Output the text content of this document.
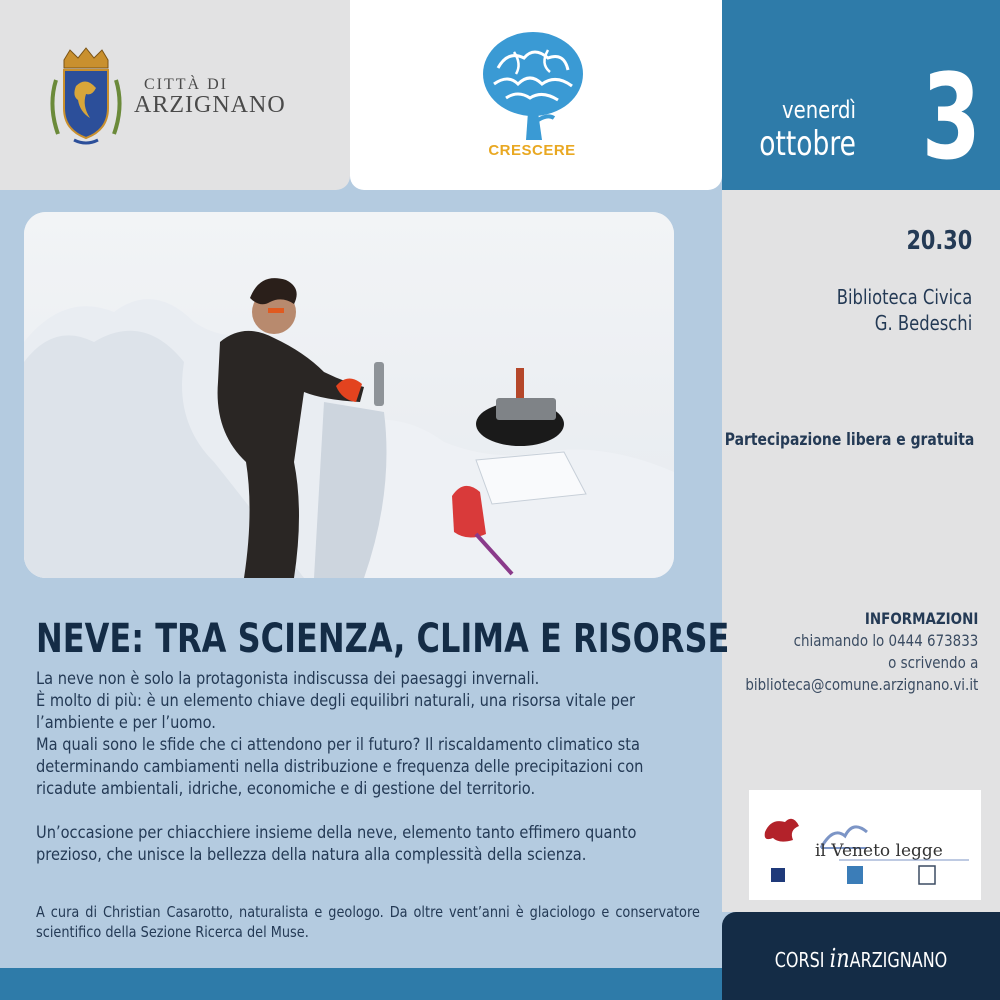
CITTÀ DI
ARZIGNANO
CRESCERE
venerdì
ottobre 3
20.30
Biblioteca Civica
G. Bedeschi
Partecipazione libera e gratuita
INFORMAZIONI
chiamando lo 0444 673833
o scrivendo a
biblioteca@comune.arzignano.vi.it
il Veneto legge
CORSI inARZIGNANO
NEVE: TRA SCIENZA, CLIMA E RISORSE

La neve non è solo la protagonista indiscussa dei paesaggi invernali.

È molto di più: è un elemento chiave degli equilibri naturali, una risorsa vitale per l’ambiente e per l’uomo.

Ma quali sono le sfide che ci attendono per il futuro? Il riscaldamento climatico sta determinando cambiamenti nella distribuzione e frequenza delle precipitazioni con ricadute ambientali, idriche, economiche e di gestione del territorio.

Un’occasione per chiacchiere insieme della neve, elemento tanto effimero quanto prezioso, che unisce la bellezza della natura alla complessità della scienza.

A cura di Christian Casarotto, naturalista e geologo. Da oltre vent’anni è glaciologo e conservatore scientifico della Sezione Ricerca del Muse.
